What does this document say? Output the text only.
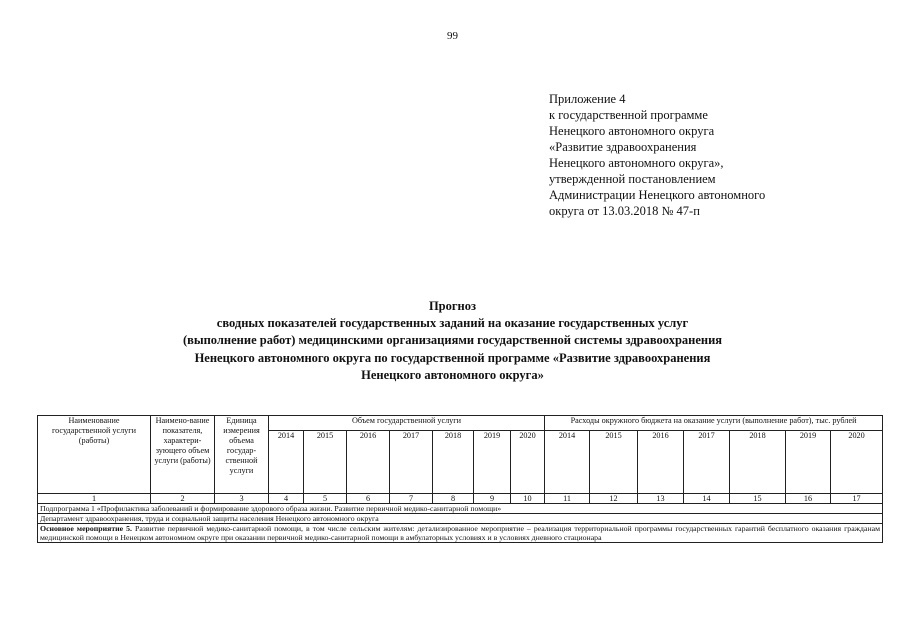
99
Приложение 4
к государственной программе
Ненецкого автономного округа
«Развитие здравоохранения
Ненецкого автономного округа»,
утвержденной постановлением
Администрации Ненецкого автономного
округа от 13.03.2018 № 47-п
Прогноз
сводных показателей государственных заданий на оказание государственных услуг
(выполнение работ) медицинскими организациями государственной системы здравоохранения
Ненецкого автономного округа по государственной программе «Развитие здравоохранения
Ненецкого автономного округа»
Наименование государственной услуги (работы)	Наимено-вание показателя, характери-зующего объем услуги (работы)	Единица измерения объема государ-ственной услуги	Объем государственной услуги							Расходы окружного бюджета на оказание услуги (выполнение работ), тыс. рублей						
			2014	2015	2016	2017	2018	2019	2020	2014	2015	2016	2017	2018	2019	2020
1	2	3	4	5	6	7	8	9	10	11	12	13	14	15	16	17
Подпрограмма 1 «Профилактика заболеваний и формирование здорового образа жизни. Развитие первичной медико-санитарной помощи»																
Департамент здравоохранения, труда и социальной защиты населения Ненецкого автономного округа																
Основное мероприятие 5. Развитие первичной медико-санитарной помощи, в том числе сельским жителям: детализированное мероприятие – реализация территориальной программы государственных гарантий бесплатного оказания гражданам медицинской помощи в Ненецком автономном округе при оказании первичной медико-санитарной помощи в амбулаторных условиях и в условиях дневного стационара																
